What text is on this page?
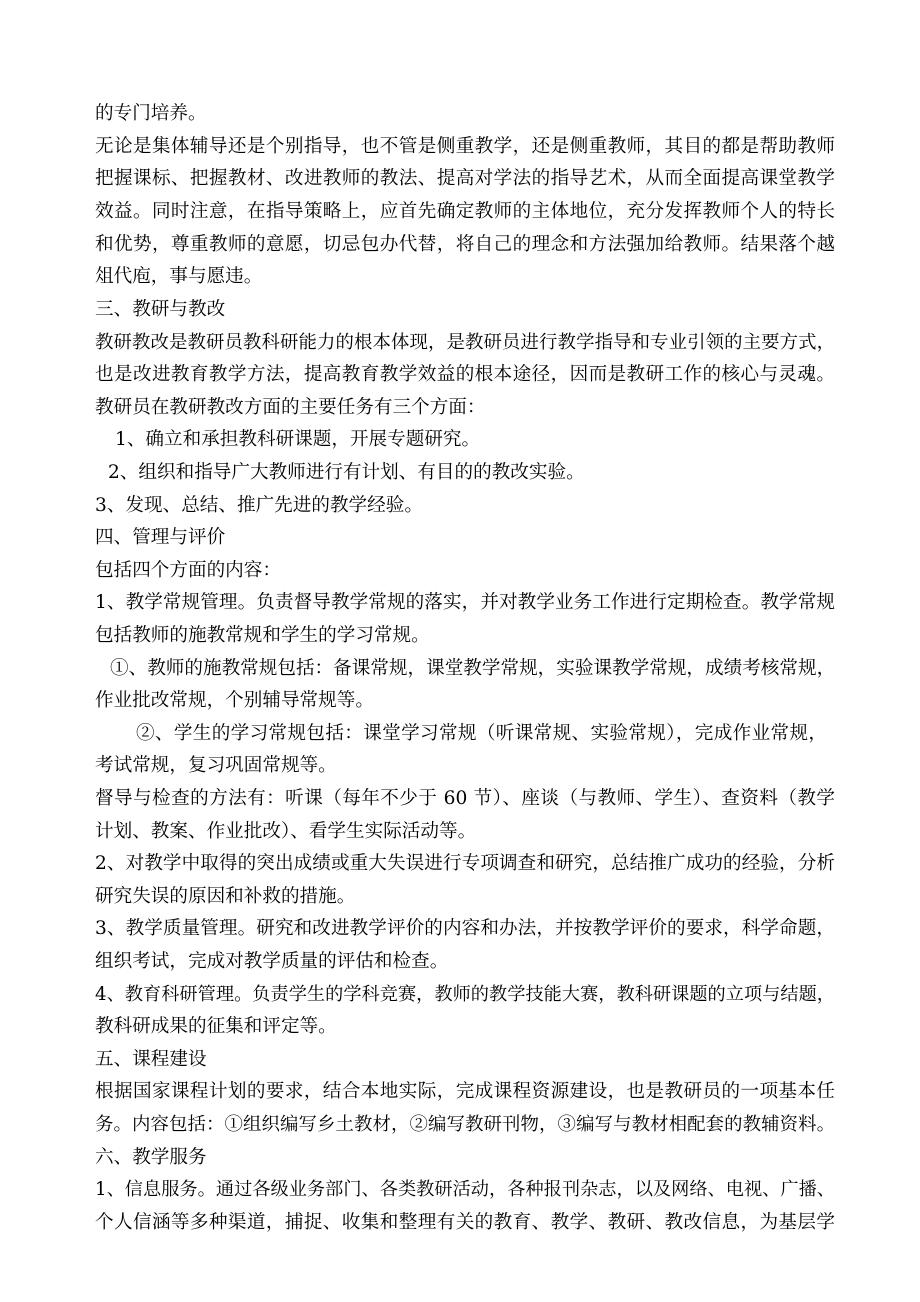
的专门培养。
无论是集体辅导还是个别指导，也不管是侧重教学，还是侧重教师，其目的都是帮助教师
把握课标、把握教材、改进教师的教法、提高对学法的指导艺术，从而全面提高课堂教学
效益。同时注意，在指导策略上，应首先确定教师的主体地位，充分发挥教师个人的特长
和优势，尊重教师的意愿，切忌包办代替，将自己的理念和方法强加给教师。结果落个越
俎代庖，事与愿违。
三、教研与教改
教研教改是教研员教科研能力的根本体现，是教研员进行教学指导和专业引领的主要方式，
也是改进教育教学方法，提高教育教学效益的根本途径，因而是教研工作的核心与灵魂。
教研员在教研教改方面的主要任务有三个方面：
1、确立和承担教科研课题，开展专题研究。
2、组织和指导广大教师进行有计划、有目的的教改实验。
3、发现、总结、推广先进的教学经验。
四、管理与评价
包括四个方面的内容：
1、教学常规管理。负责督导教学常规的落实，并对教学业务工作进行定期检查。教学常规
包括教师的施教常规和学生的学习常规。
①、教师的施教常规包括：备课常规，课堂教学常规，实验课教学常规，成绩考核常规，
作业批改常规，个别辅导常规等。
②、学生的学习常规包括：课堂学习常规（听课常规、实验常规），完成作业常规，
考试常规，复习巩固常规等。
督导与检查的方法有：听课（每年不少于 60 节）、座谈（与教师、学生）、查资料（教学
计划、教案、作业批改）、看学生实际活动等。
2、对教学中取得的突出成绩或重大失误进行专项调查和研究，总结推广成功的经验，分析
研究失误的原因和补救的措施。
3、教学质量管理。研究和改进教学评价的内容和办法，并按教学评价的要求，科学命题，
组织考试，完成对教学质量的评估和检查。
4、教育科研管理。负责学生的学科竞赛，教师的教学技能大赛，教科研课题的立项与结题，
教科研成果的征集和评定等。
五、课程建设
根据国家课程计划的要求，结合本地实际，完成课程资源建设，也是教研员的一项基本任
务。内容包括：①组织编写乡土教材，②编写教研刊物，③编写与教材相配套的教辅资料。
六、教学服务
1、信息服务。通过各级业务部门、各类教研活动，各种报刊杂志，以及网络、电视、广播、
个人信涵等多种渠道，捕捉、收集和整理有关的教育、教学、教研、教改信息，为基层学
